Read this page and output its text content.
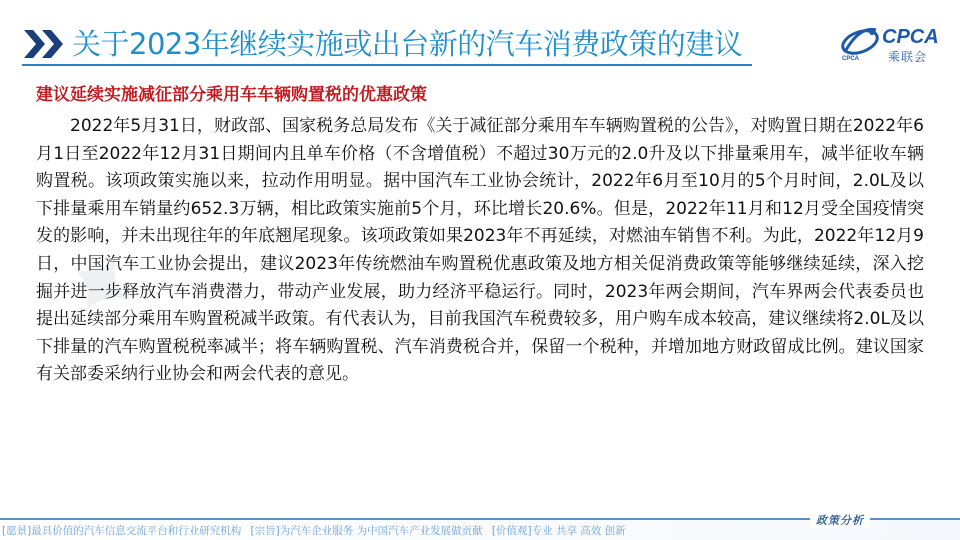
✦
关于2023年继续实施或出台新的汽车消费政策的建议	CPCA
乘联会
CPCA
建议延续实施减征部分乘用车车辆购置税的优惠政策
2022年5月31日，财政部、国家税务总局发布《关于减征部分乘用车车辆购置税的公告》，对购置日期在2022年6月1日至2022年12月31日期间内且单车价格（不含增值税）不超过30万元的2.0升及以下排量乘用车，减半征收车辆购置税。该项政策实施以来，拉动作用明显。据中国汽车工业协会统计，2022年6月至10月的5个月时间，2.0L及以下排量乘用车销量约652.3万辆，相比政策实施前5个月，环比增长20.6%。但是，2022年11月和12月受全国疫情突发的影响，并未出现往年的年底翘尾现象。该项政策如果2023年不再延续，对燃油车销售不利。为此，2022年12月9日，中国汽车工业协会提出，建议2023年传统燃油车购置税优惠政策及地方相关促消费政策等能够继续延续，深入挖掘并进一步释放汽车消费潜力，带动产业发展，助力经济平稳运行。同时，2023年两会期间，汽车界两会代表委员也提出延续部分乘用车购置税减半政策。有代表认为，目前我国汽车税费较多，用户购车成本较高，建议继续将2.0L及以下排量的汽车购置税税率减半；将车辆购置税、汽车消费税合并，保留一个税种，并增加地方财政留成比例。建议国家有关部委采纳行业协会和两会代表的意见。
政策分析
[愿景]最具价值的汽车信息交流平台和行业研究机构 [宗旨]为汽车企业服务 为中国汽车产业发展做贡献 [价值观]专业 共享 高效 创新
